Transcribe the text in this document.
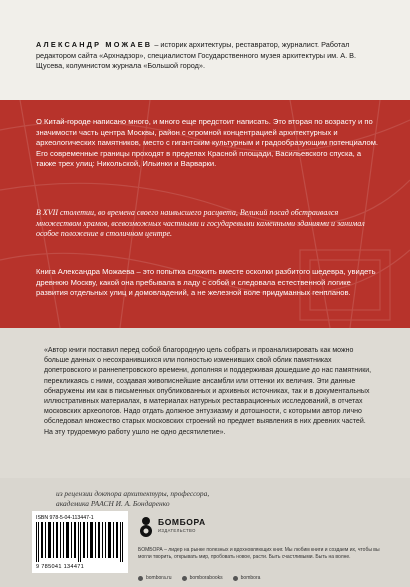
АЛЕКСАНДР МОЖАЕВ – историк архитектуры, реставратор, журналист. Работал редактором сайта «Архнадзор», специалистом Государственного музея архитектуры им. А. В. Щусева, колумнистом журнала «Большой город».
О Китай-городе написано много, и много еще предстоит написать. Это вторая по возрасту и по значимости часть центра Москвы, район с огромной концентрацией архитектурных и археологических памятников, место с гигантским культурным и градообразующим потенциалом. Его современные границы проходят в пределах Красной площади, Васильевского спуска, а также трех улиц: Никольской, Ильинки и Варварки.
В XVII столетии, во времена своего наивысшего расцвета, Великий посад обстраивался множеством храмов, всевозможных частными и государевыми каменными зданиями и занимал особое положение в столичном центре.
Книга Александра Можаева – это попытка сложить вместе осколки разбитого шедевра, увидеть древнюю Москву, какой она пребывала в ладу с собой и следовала естественной логике развития отдельных улиц и домовладений, а не железной воле придуманных генпланов.
«Автор книги поставил перед собой благородную цель собрать и проанализировать как можно больше данных о несохранившихся или полностью изменивших свой облик памятниках допетровского и раннепетровского времени, дополняя и поддерживая дошедшие до нас памятники, перекликаясь с ними, создавая живописнейшие ансамбли или оттенки их величия. Эти данные обнаружены им как в письменных опубликованных и архивных источниках, так и в документальных иллюстративных материалах, в материалах натурных реставрационных исследований, в отчетах московских археологов. Надо отдать должное энтузиазму и дотошности, с которыми автор лично обследовал множество старых московских строений но предмет выявления в них древних частей. На эту трудоемкую работу ушло не одно десятилетие».
из рецензии доктора архитектуры, профессора,
академика РААСН И. А. Бондаренко
ISBN 978-5-04-113447-1
9 785041 134471
БОМБОРА
ИЗДАТЕЛЬСТВО
БОМБОРА – лидер на рынке полезных и вдохновляющих книг. Мы любим книги и создаем их, чтобы вы могли творить, открывать мир, пробовать новое, расти. Быть счастливыми. Быть на волне.
bombora.ru	bomborabooks	bombora
